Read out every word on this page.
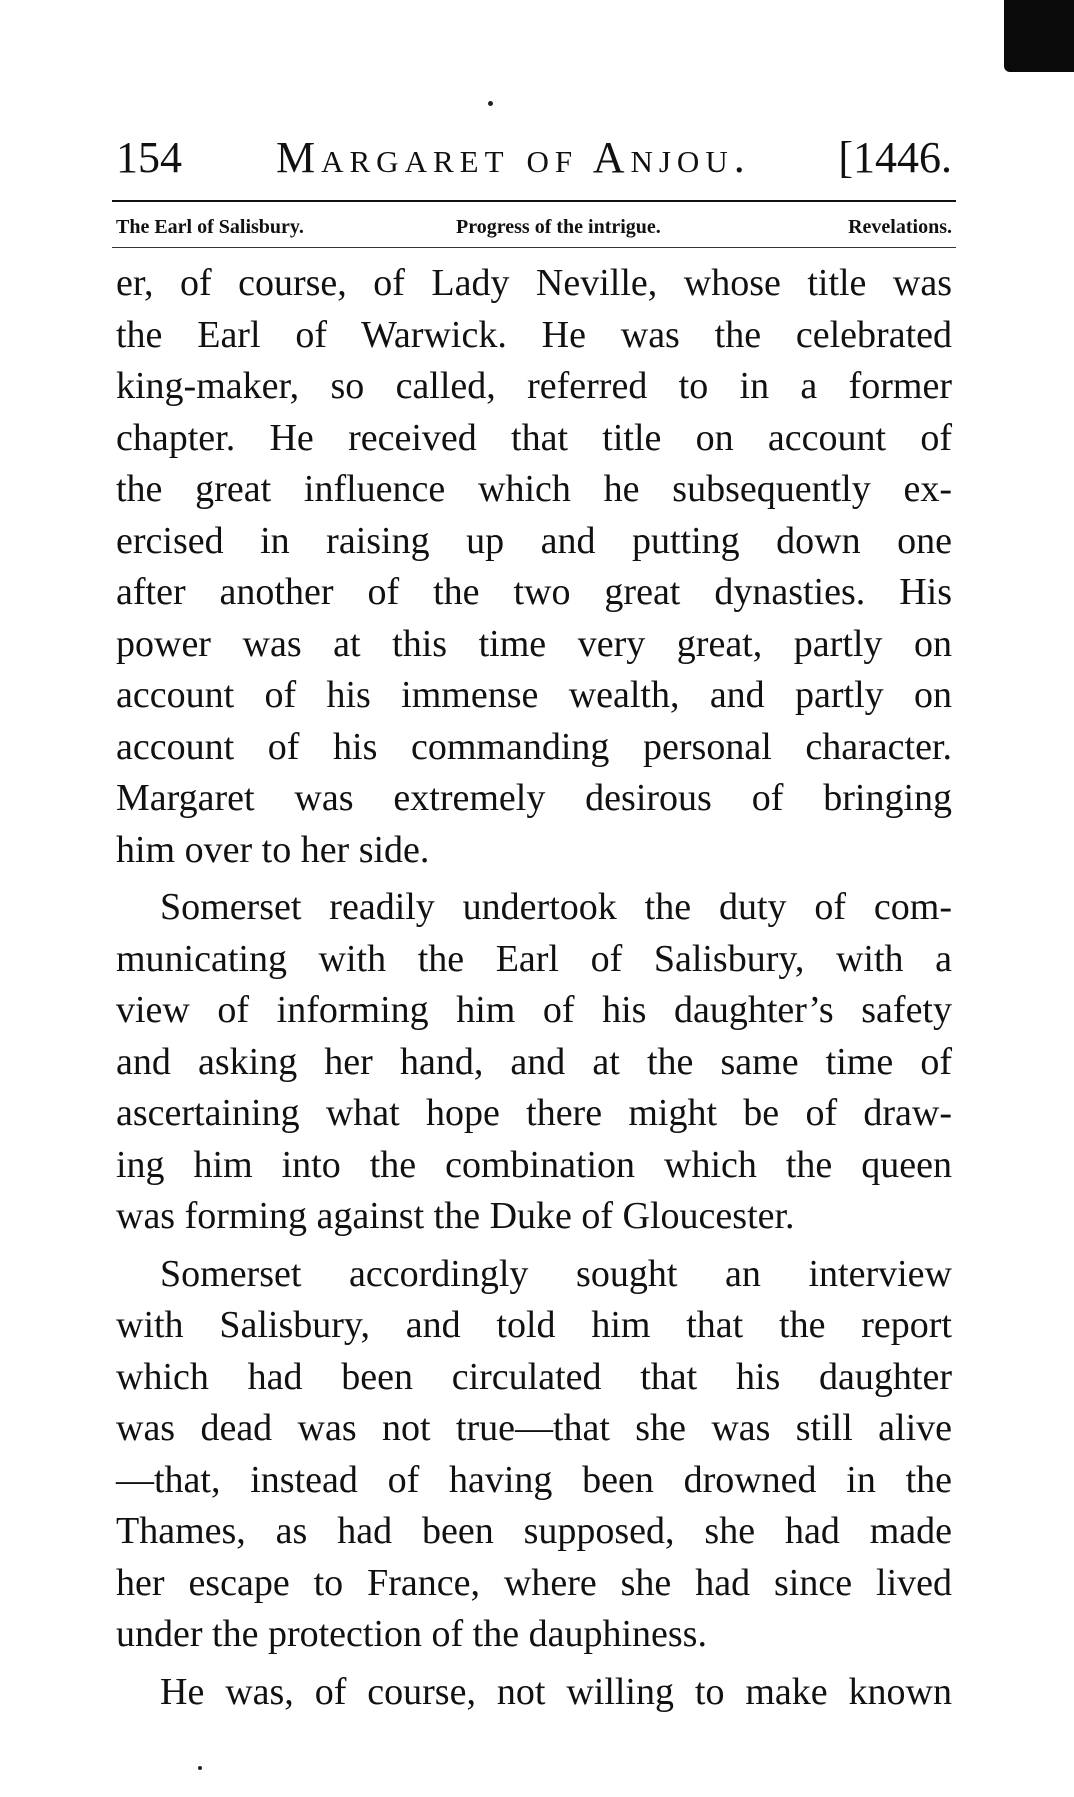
154 Margaret of Anjou. [1446.
The Earl of Salisbury.	Progress of the intrigue.	Revelations.
er, of course, of Lady Neville, whose title was
the Earl of Warwick. He was the celebrated
king-maker, so called, referred to in a former
chapter. He received that title on account of
the great influence which he subsequently ex-
ercised in raising up and putting down one
after another of the two great dynasties. His
power was at this time very great, partly on
account of his immense wealth, and partly on
account of his commanding personal character.
Margaret was extremely desirous of bringing
him over to her side.
Somerset readily undertook the duty of com-
municating with the Earl of Salisbury, with a
view of informing him of his daughter’s safety
and asking her hand, and at the same time of
ascertaining what hope there might be of draw-
ing him into the combination which the queen
was forming against the Duke of Gloucester.
Somerset accordingly sought an interview
with Salisbury, and told him that the report
which had been circulated that his daughter
was dead was not true—that she was still alive
—that, instead of having been drowned in the
Thames, as had been supposed, she had made
her escape to France, where she had since lived
under the protection of the dauphiness.
He was, of course, not willing to make known
